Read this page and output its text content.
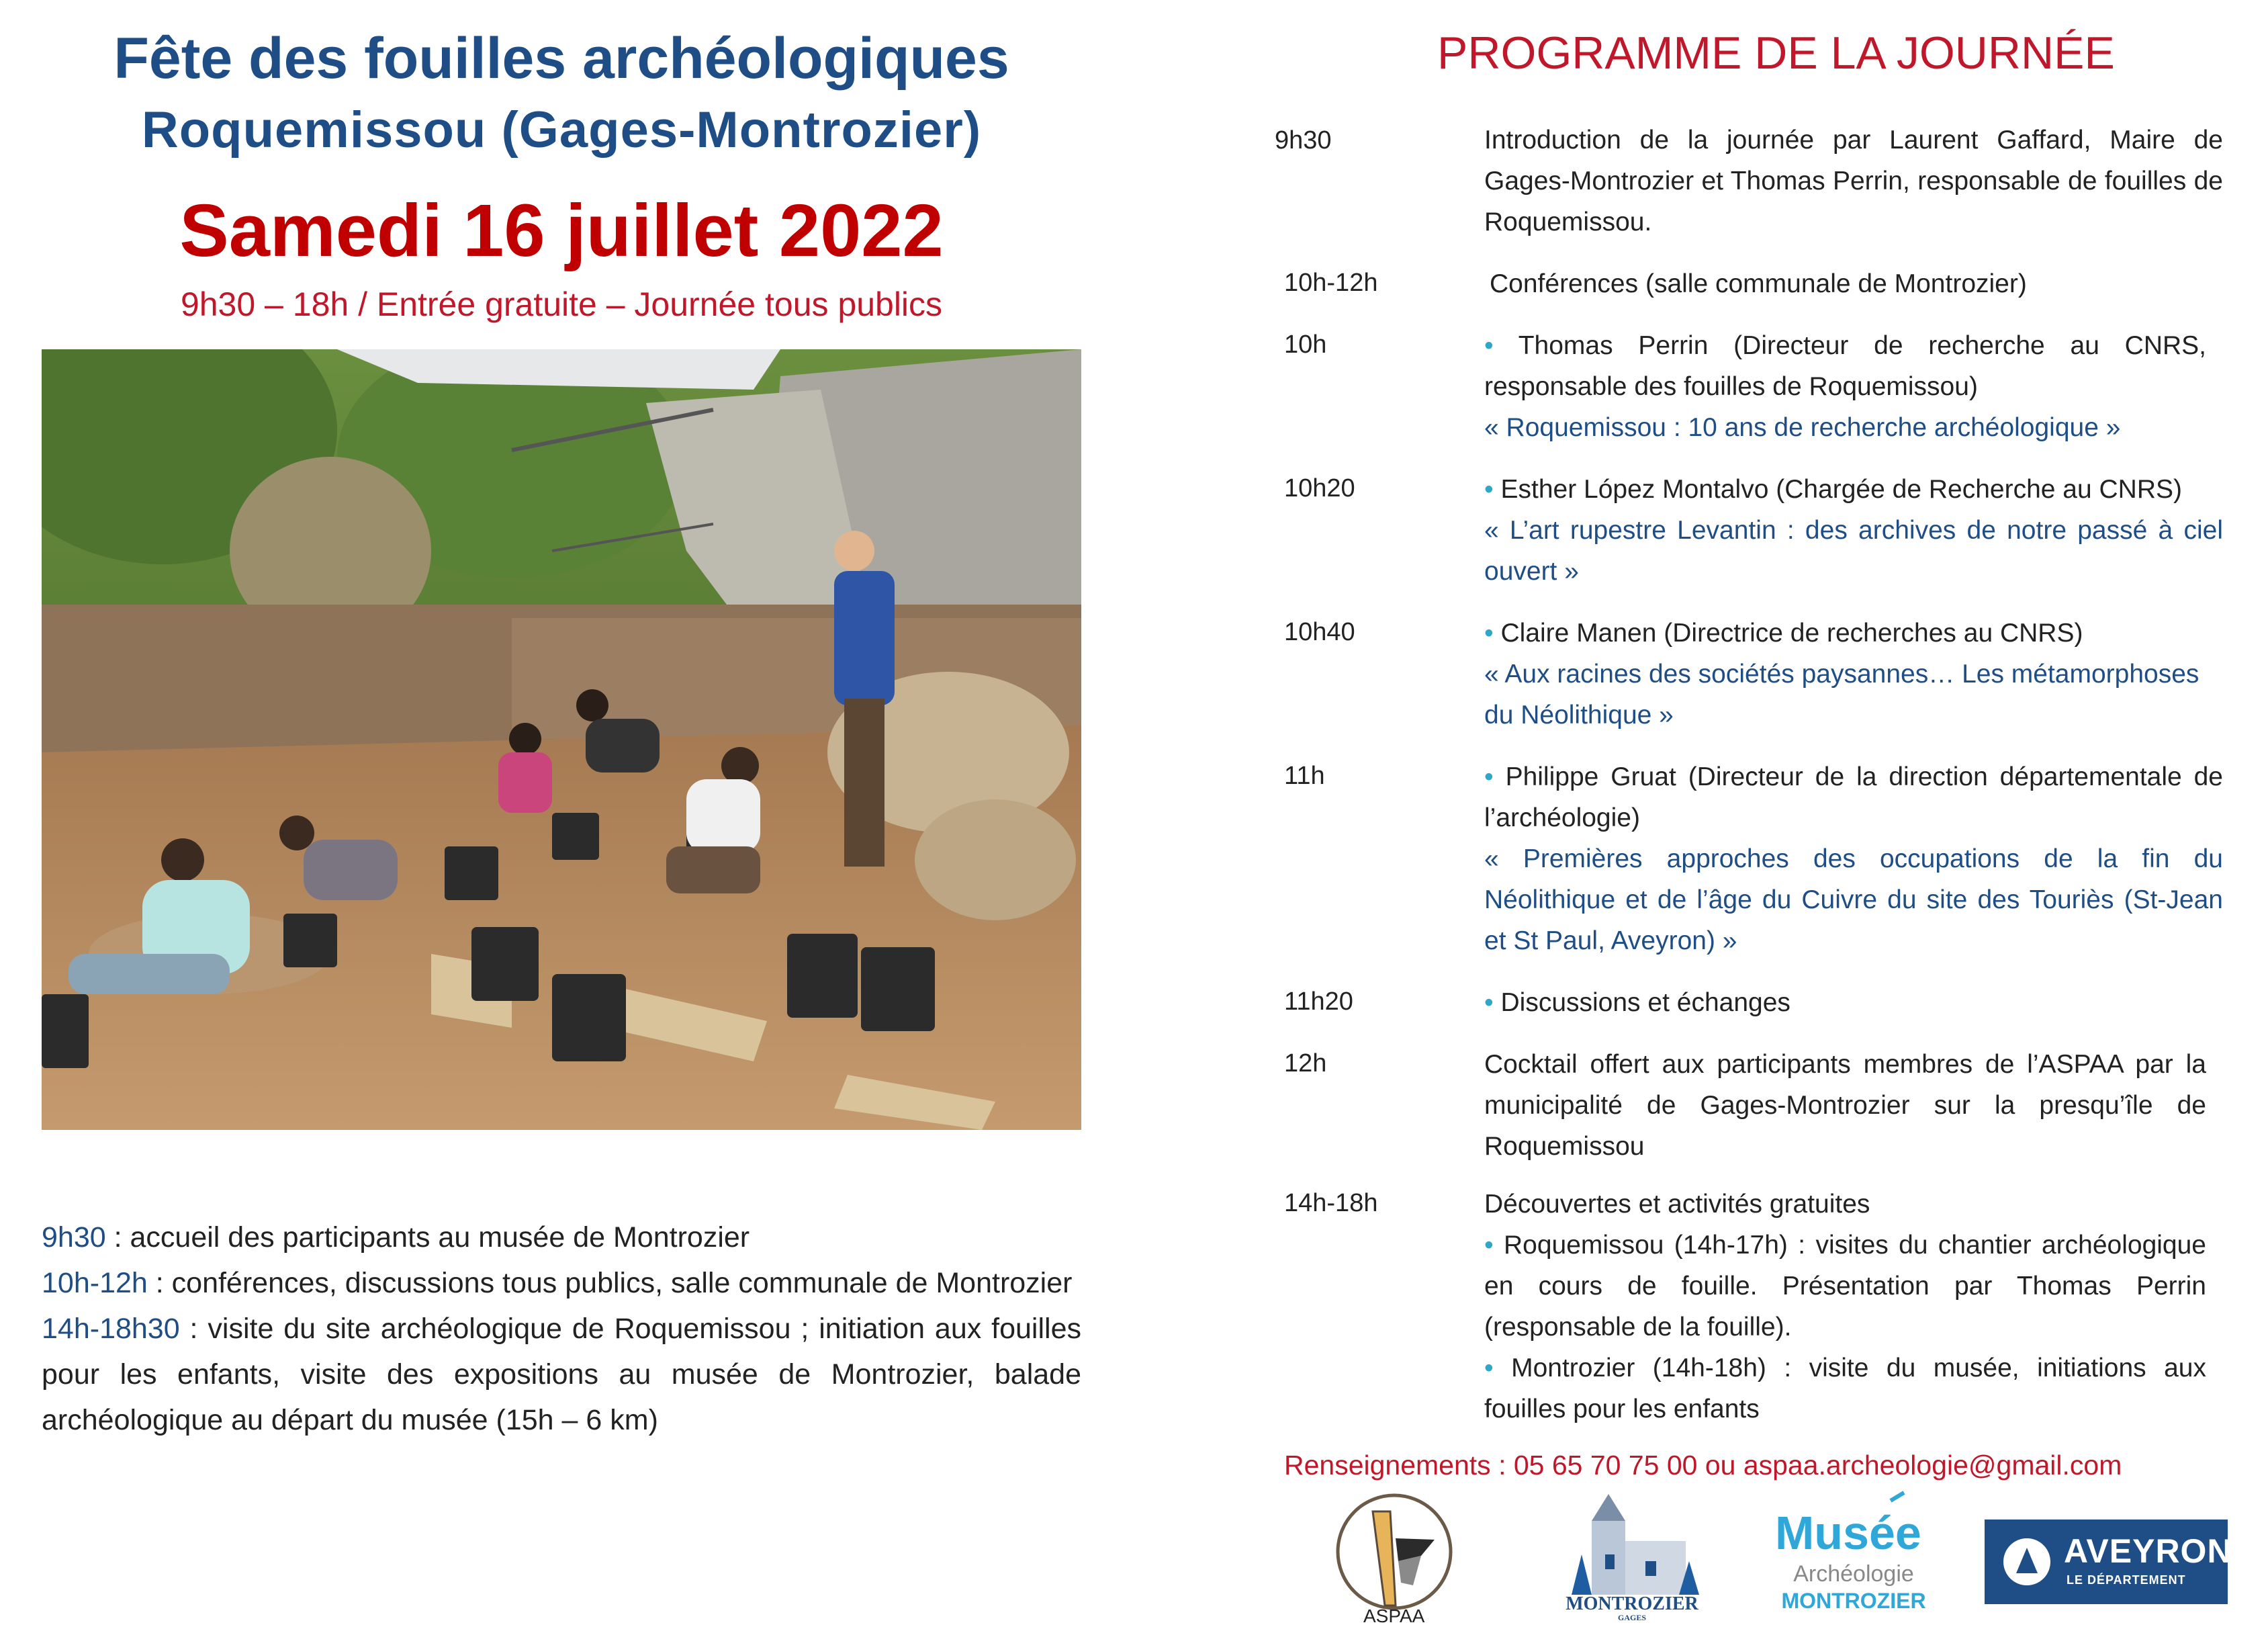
Fête des fouilles archéologiques
Roquemissou (Gages-Montrozier)
Samedi 16 juillet 2022
9h30 – 18h / Entrée gratuite – Journée tous publics

9h30 : accueil des participants au musée de Montrozier

10h-12h : conférences, discussions tous publics, salle communale de Montrozier

14h-18h30 : visite du site archéologique de Roquemissou ; initiation aux fouilles pour les enfants, visite des expositions au musée de Montrozier, balade archéologique au départ du musée (15h – 6 km)

PROGRAMME DE LA JOURNÉE
9h30	Introduction de la journée par Laurent Gaffard, Maire de Gages-Montrozier et Thomas Perrin, responsable de fouilles de Roquemissou.
10h-12h	Conférences (salle communale de Montrozier)
10h	• Thomas Perrin (Directeur de recherche au CNRS, responsable des fouilles de Roquemissou)
« Roquemissou : 10 ans de recherche archéologique »
10h20	• Esther López Montalvo (Chargée de Recherche au CNRS)
« L’art rupestre Levantin : des archives de notre passé à ciel ouvert »
10h40	• Claire Manen (Directrice de recherches au CNRS)
« Aux racines des sociétés paysannes… Les métamorphoses du Néolithique »
11h	• Philippe Gruat (Directeur de la direction départementale de l’archéologie)
« Premières approches des occupations de la fin du Néolithique et de l’âge du Cuivre du site des Touriès (St-Jean et St Paul, Aveyron) »
11h20	• Discussions et échanges
12h	Cocktail offert aux participants membres de l’ASPAA par la municipalité de Gages-Montrozier sur la presqu’île de Roquemissou
14h-18h	Découvertes et activités gratuites
• Roquemissou (14h-17h) : visites du chantier archéologique en cours de fouille. Présentation par Thomas Perrin (responsable de la fouille).
• Montrozier (14h-18h) : visite du musée, initiations aux fouilles pour les enfants
Renseignements : 05 65 70 75 00 ou aspaa.archeologie@gmail.com
ASPAA
MONTROZIER
GAGES
Musée
Archéologie
MONTROZIER
AVEYRON
LE DÉPARTEMENT
